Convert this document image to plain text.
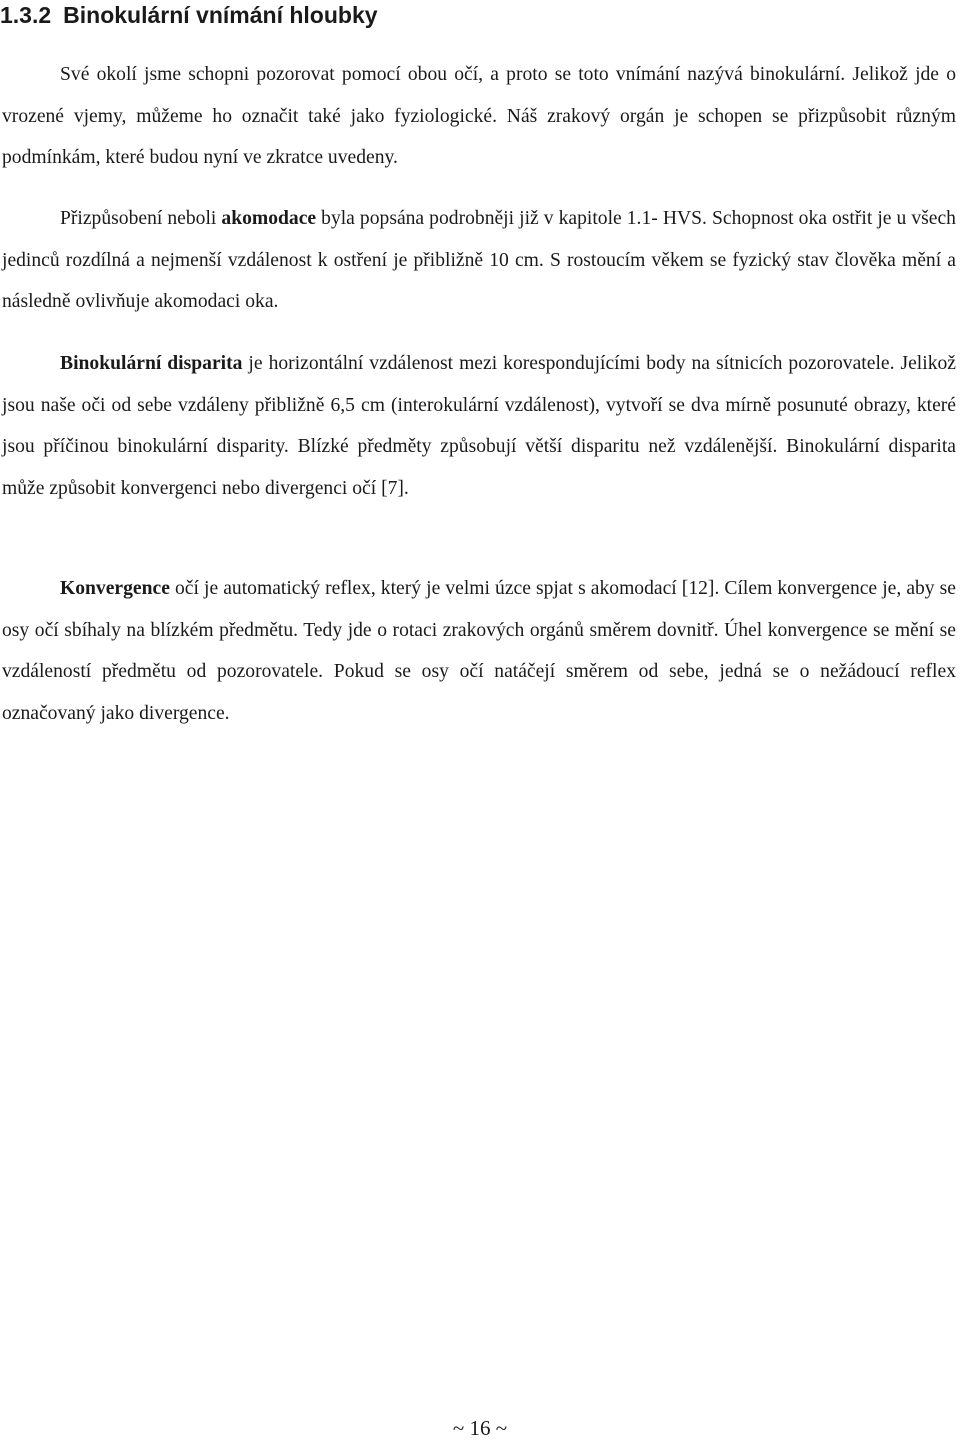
1.3.2 Binokulární vnímání hloubky

Své okolí jsme schopni pozorovat pomocí obou očí, a proto se toto vnímání nazývá binokulární. Jelikož jde o vrozené vjemy, můžeme ho označit také jako fyziologické. Náš zrakový orgán je schopen se přizpůsobit různým podmínkám, které budou nyní ve zkratce uvedeny.

Přizpůsobení neboli akomodace byla popsána podrobněji již v kapitole 1.1- HVS. Schopnost oka ostřit je u všech jedinců rozdílná a nejmenší vzdálenost k ostření je přibližně 10 cm. S rostoucím věkem se fyzický stav člověka mění a následně ovlivňuje akomodaci oka.

Binokulární disparita je horizontální vzdálenost mezi korespondujícími body na sítnicích pozorovatele. Jelikož jsou naše oči od sebe vzdáleny přibližně 6,5 cm (interokulární vzdálenost), vytvoří se dva mírně posunuté obrazy, které jsou příčinou binokulární disparity. Blízké předměty způsobují větší disparitu než vzdálenější. Binokulární disparita může způsobit konvergenci nebo divergenci očí [7].

Konvergence očí je automatický reflex, který je velmi úzce spjat s akomodací [12]. Cílem konvergence je, aby se osy očí sbíhaly na blízkém předmětu. Tedy jde o rotaci zrakových orgánů směrem dovnitř. Úhel konvergence se mění se vzdáleností předmětu od pozorovatele. Pokud se osy očí natáčejí směrem od sebe, jedná se o nežádoucí reflex označovaný jako divergence.

~ 16 ~
